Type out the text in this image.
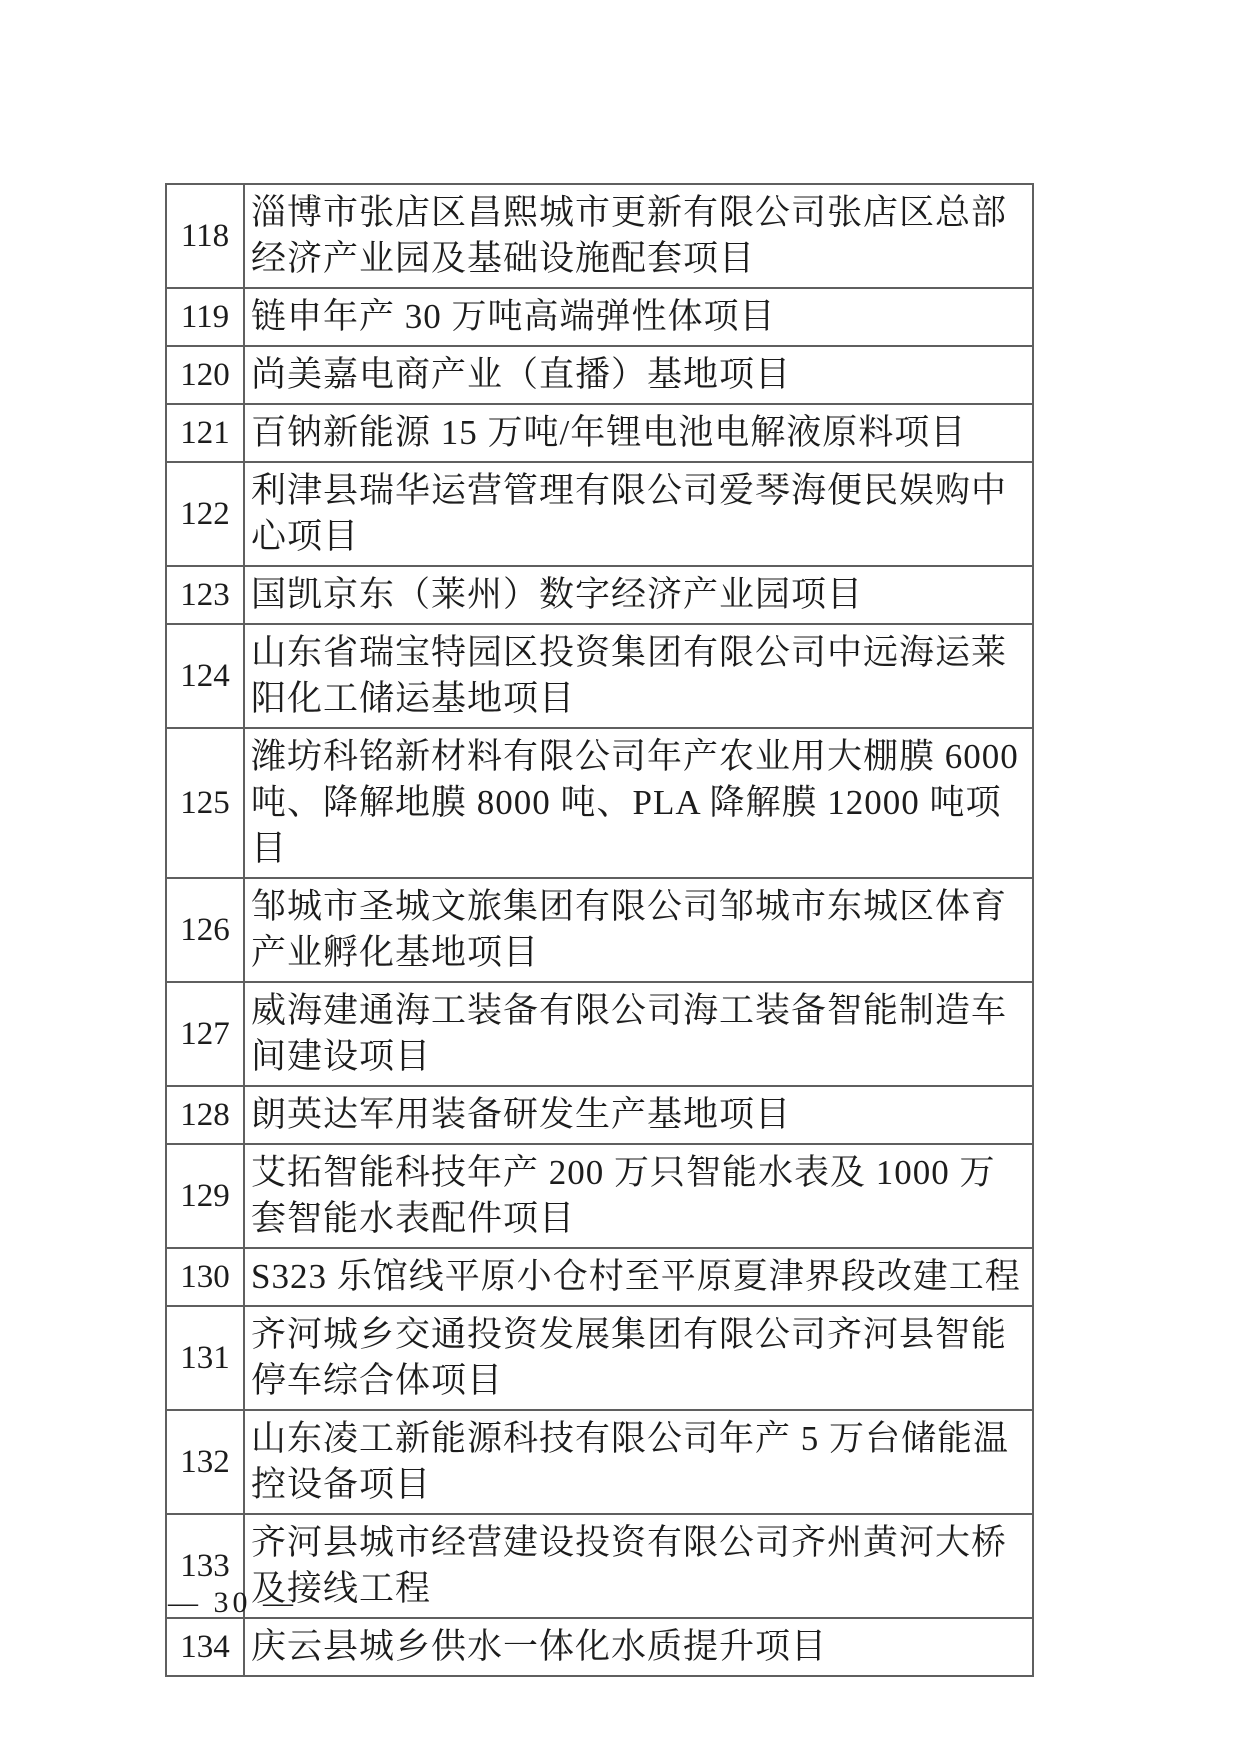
118	淄博市张店区昌熙城市更新有限公司张店区总部经济产业园及基础设施配套项目
119	链申年产 30 万吨高端弹性体项目
120	尚美嘉电商产业（直播）基地项目
121	百钠新能源 15 万吨/年锂电池电解液原料项目
122	利津县瑞华运营管理有限公司爱琴海便民娱购中心项目
123	国凯京东（莱州）数字经济产业园项目
124	山东省瑞宝特园区投资集团有限公司中远海运莱阳化工储运基地项目
125	潍坊科铭新材料有限公司年产农业用大棚膜 6000 吨、降解地膜 8000 吨、PLA 降解膜 12000 吨项目
126	邹城市圣城文旅集团有限公司邹城市东城区体育产业孵化基地项目
127	威海建通海工装备有限公司海工装备智能制造车间建设项目
128	朗英达军用装备研发生产基地项目
129	艾拓智能科技年产 200 万只智能水表及 1000 万套智能水表配件项目
130	S323 乐馆线平原小仓村至平原夏津界段改建工程
131	齐河城乡交通投资发展集团有限公司齐河县智能停车综合体项目
132	山东凌工新能源科技有限公司年产 5 万台储能温控设备项目
133	齐河县城市经营建设投资有限公司齐州黄河大桥及接线工程
134	庆云县城乡供水一体化水质提升项目
— 30 —
